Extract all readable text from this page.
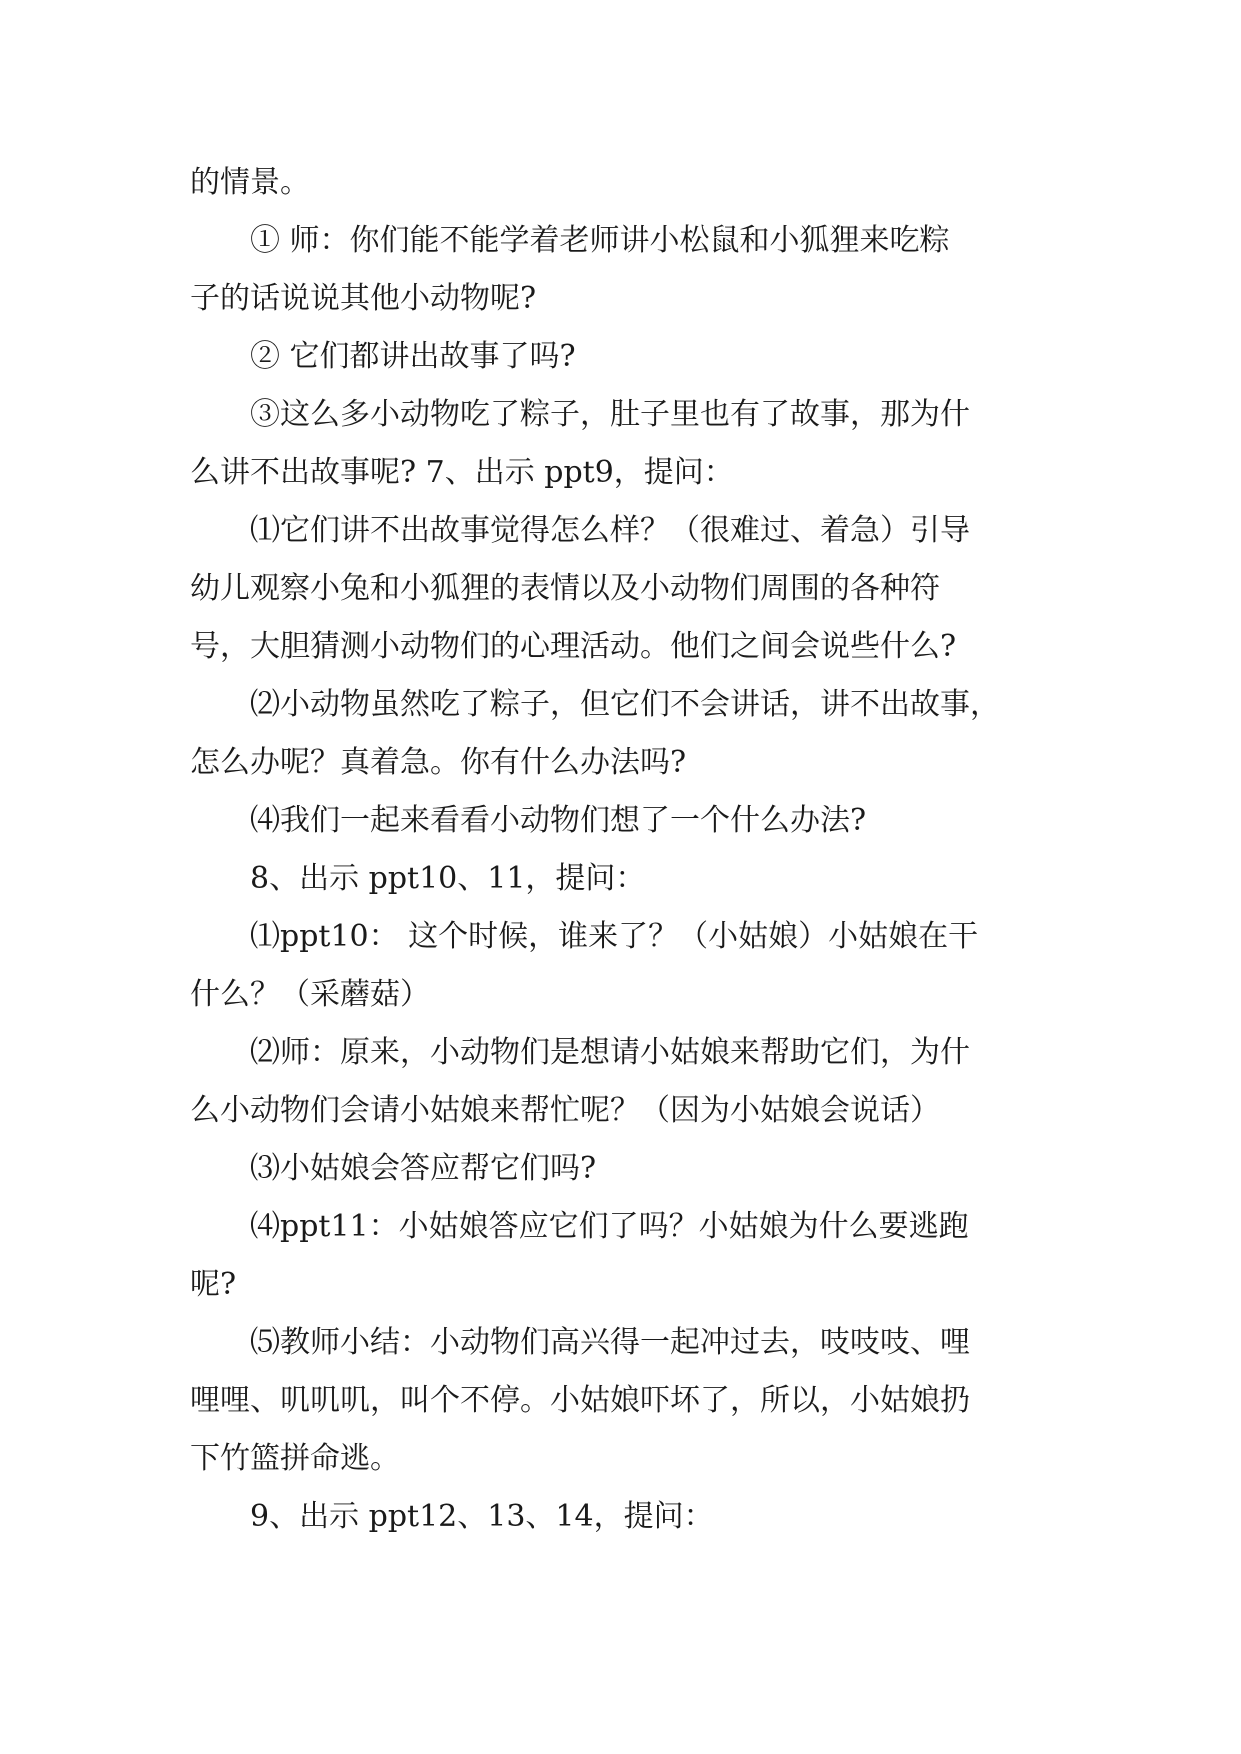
的情景。

① 师：你们能不能学着老师讲小松鼠和小狐狸来吃粽

子的话说说其他小动物呢?

② 它们都讲出故事了吗?

③这么多小动物吃了粽子，肚子里也有了故事，那为什

么讲不出故事呢? 7、出示 ppt9，提问：

⑴它们讲不出故事觉得怎么样？（很难过、着急）引导

幼儿观察小兔和小狐狸的表情以及小动物们周围的各种符

号，大胆猜测小动物们的心理活动。他们之间会说些什么?

⑵小动物虽然吃了粽子，但它们不会讲话，讲不出故事，

怎么办呢？真着急。你有什么办法吗?

⑷我们一起来看看小动物们想了一个什么办法?

8、出示 ppt10、11，提问：

⑴ppt10： 这个时候，谁来了？（小姑娘）小姑娘在干

什么？（采蘑菇）

⑵师：原来，小动物们是想请小姑娘来帮助它们，为什

么小动物们会请小姑娘来帮忙呢？（因为小姑娘会说话）

⑶小姑娘会答应帮它们吗?

⑷ppt11：小姑娘答应它们了吗？小姑娘为什么要逃跑

呢?

⑸教师小结：小动物们高兴得一起冲过去，吱吱吱、哩

哩哩、叽叽叽，叫个不停。小姑娘吓坏了，所以，小姑娘扔

下竹篮拼命逃。

9、出示 ppt12、13、14，提问：
